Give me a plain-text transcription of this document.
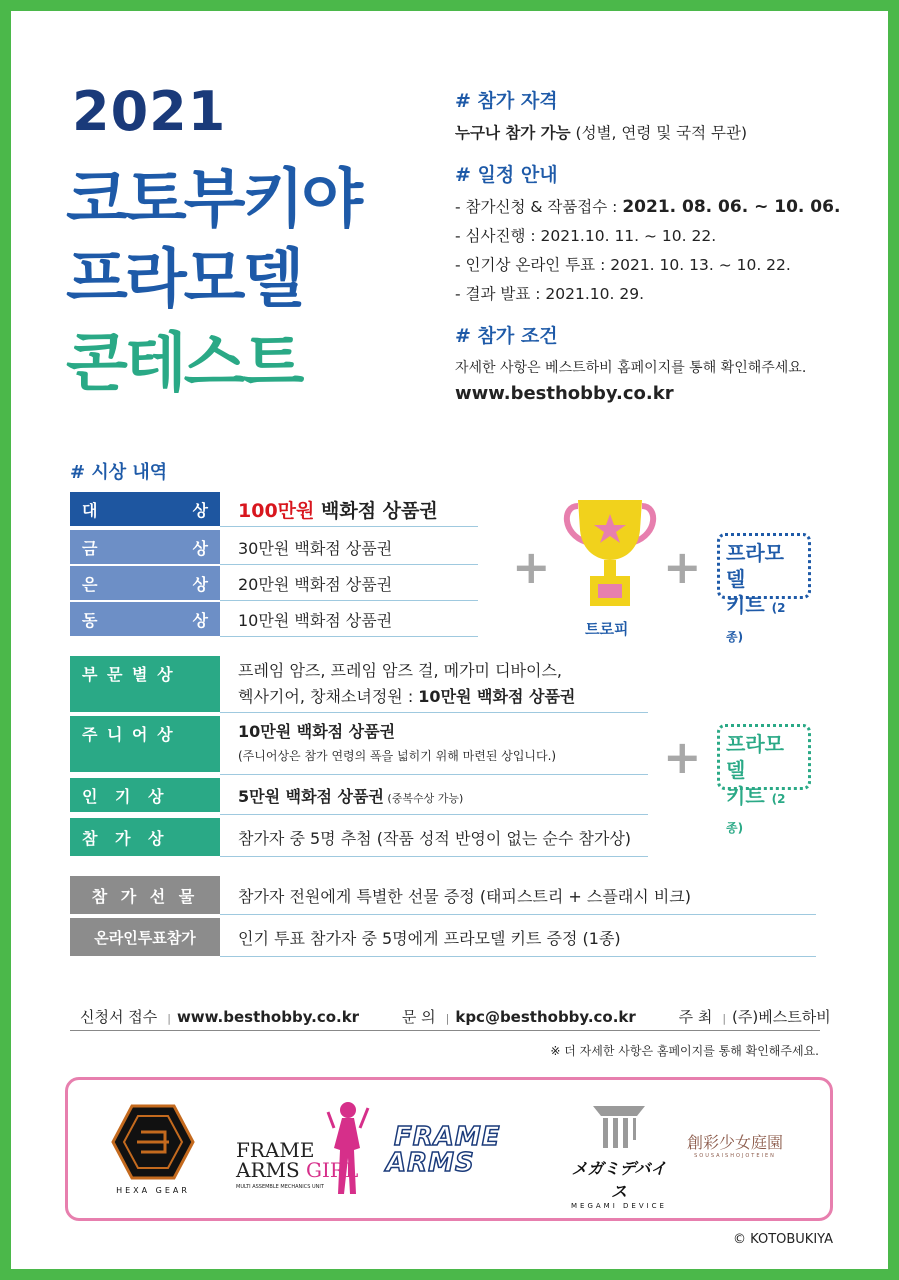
2021
코토부키야
프라모델
콘테스트
# 참가 자격
누구나 참가 가능 (성별, 연령 및 국적 무관)
# 일정 안내
- 참가신청 & 작품접수 : 2021. 08. 06. ~ 10. 06.
- 심사진행 : 2021.10. 11. ~ 10. 22.
- 인기상 온라인 투표 : 2021. 10. 13. ~ 10. 22.
- 결과 발표 : 2021.10. 29.
# 참가 조건
자세한 사항은 베스트하비 홈페이지를 통해 확인해주세요.
www.besthobby.co.kr
# 시상 내역
대	상	100만원 백화점 상품권
금	상	30만원 백화점 상품권
은	상	20만원 백화점 상품권
동	상	10만원 백화점 상품권
+
트로피
+ 프라모델
키트 (2종)
부 문 별 상	프레임 암즈, 프레임 암즈 걸, 메가미 디바이스,
헥사기어, 창채소녀정원 : 10만원 백화점 상품권
주 니 어 상	10만원 백화점 상품권
(주니어상은 참가 연령의 폭을 넓히기 위해 마련된 상입니다.)
인 기 상	5만원 백화점 상품권 (중복수상 가능)
참 가 상	참가자 중 5명 추첨 (작품 성적 반영이 없는 순수 참가상)
+ 프라모델
키트 (2종)
참 가 선 물	참가자 전원에게 특별한 선물 증정 (태피스트리 + 스플래시 비크)
온라인투표참가	인기 투표 참가자 중 5명에게 프라모델 키트 증정 (1종)
신청서 접수 | www.besthobby.co.kr	문 의 | kpc@besthobby.co.kr	주 최 | (주)베스트하비
※ 더 자세한 사항은 홈페이지를 통해 확인해주세요.
HEXA GEAR
FRAME
ARMS GIRL
MULTI ASSEMBLE MECHANICS UNIT
FRAME
ARMS	メガミデバイス
MEGAMI DEVICE
創彩少女庭園
SOUSAISHOJOTEIEN
© KOTOBUKIYA
